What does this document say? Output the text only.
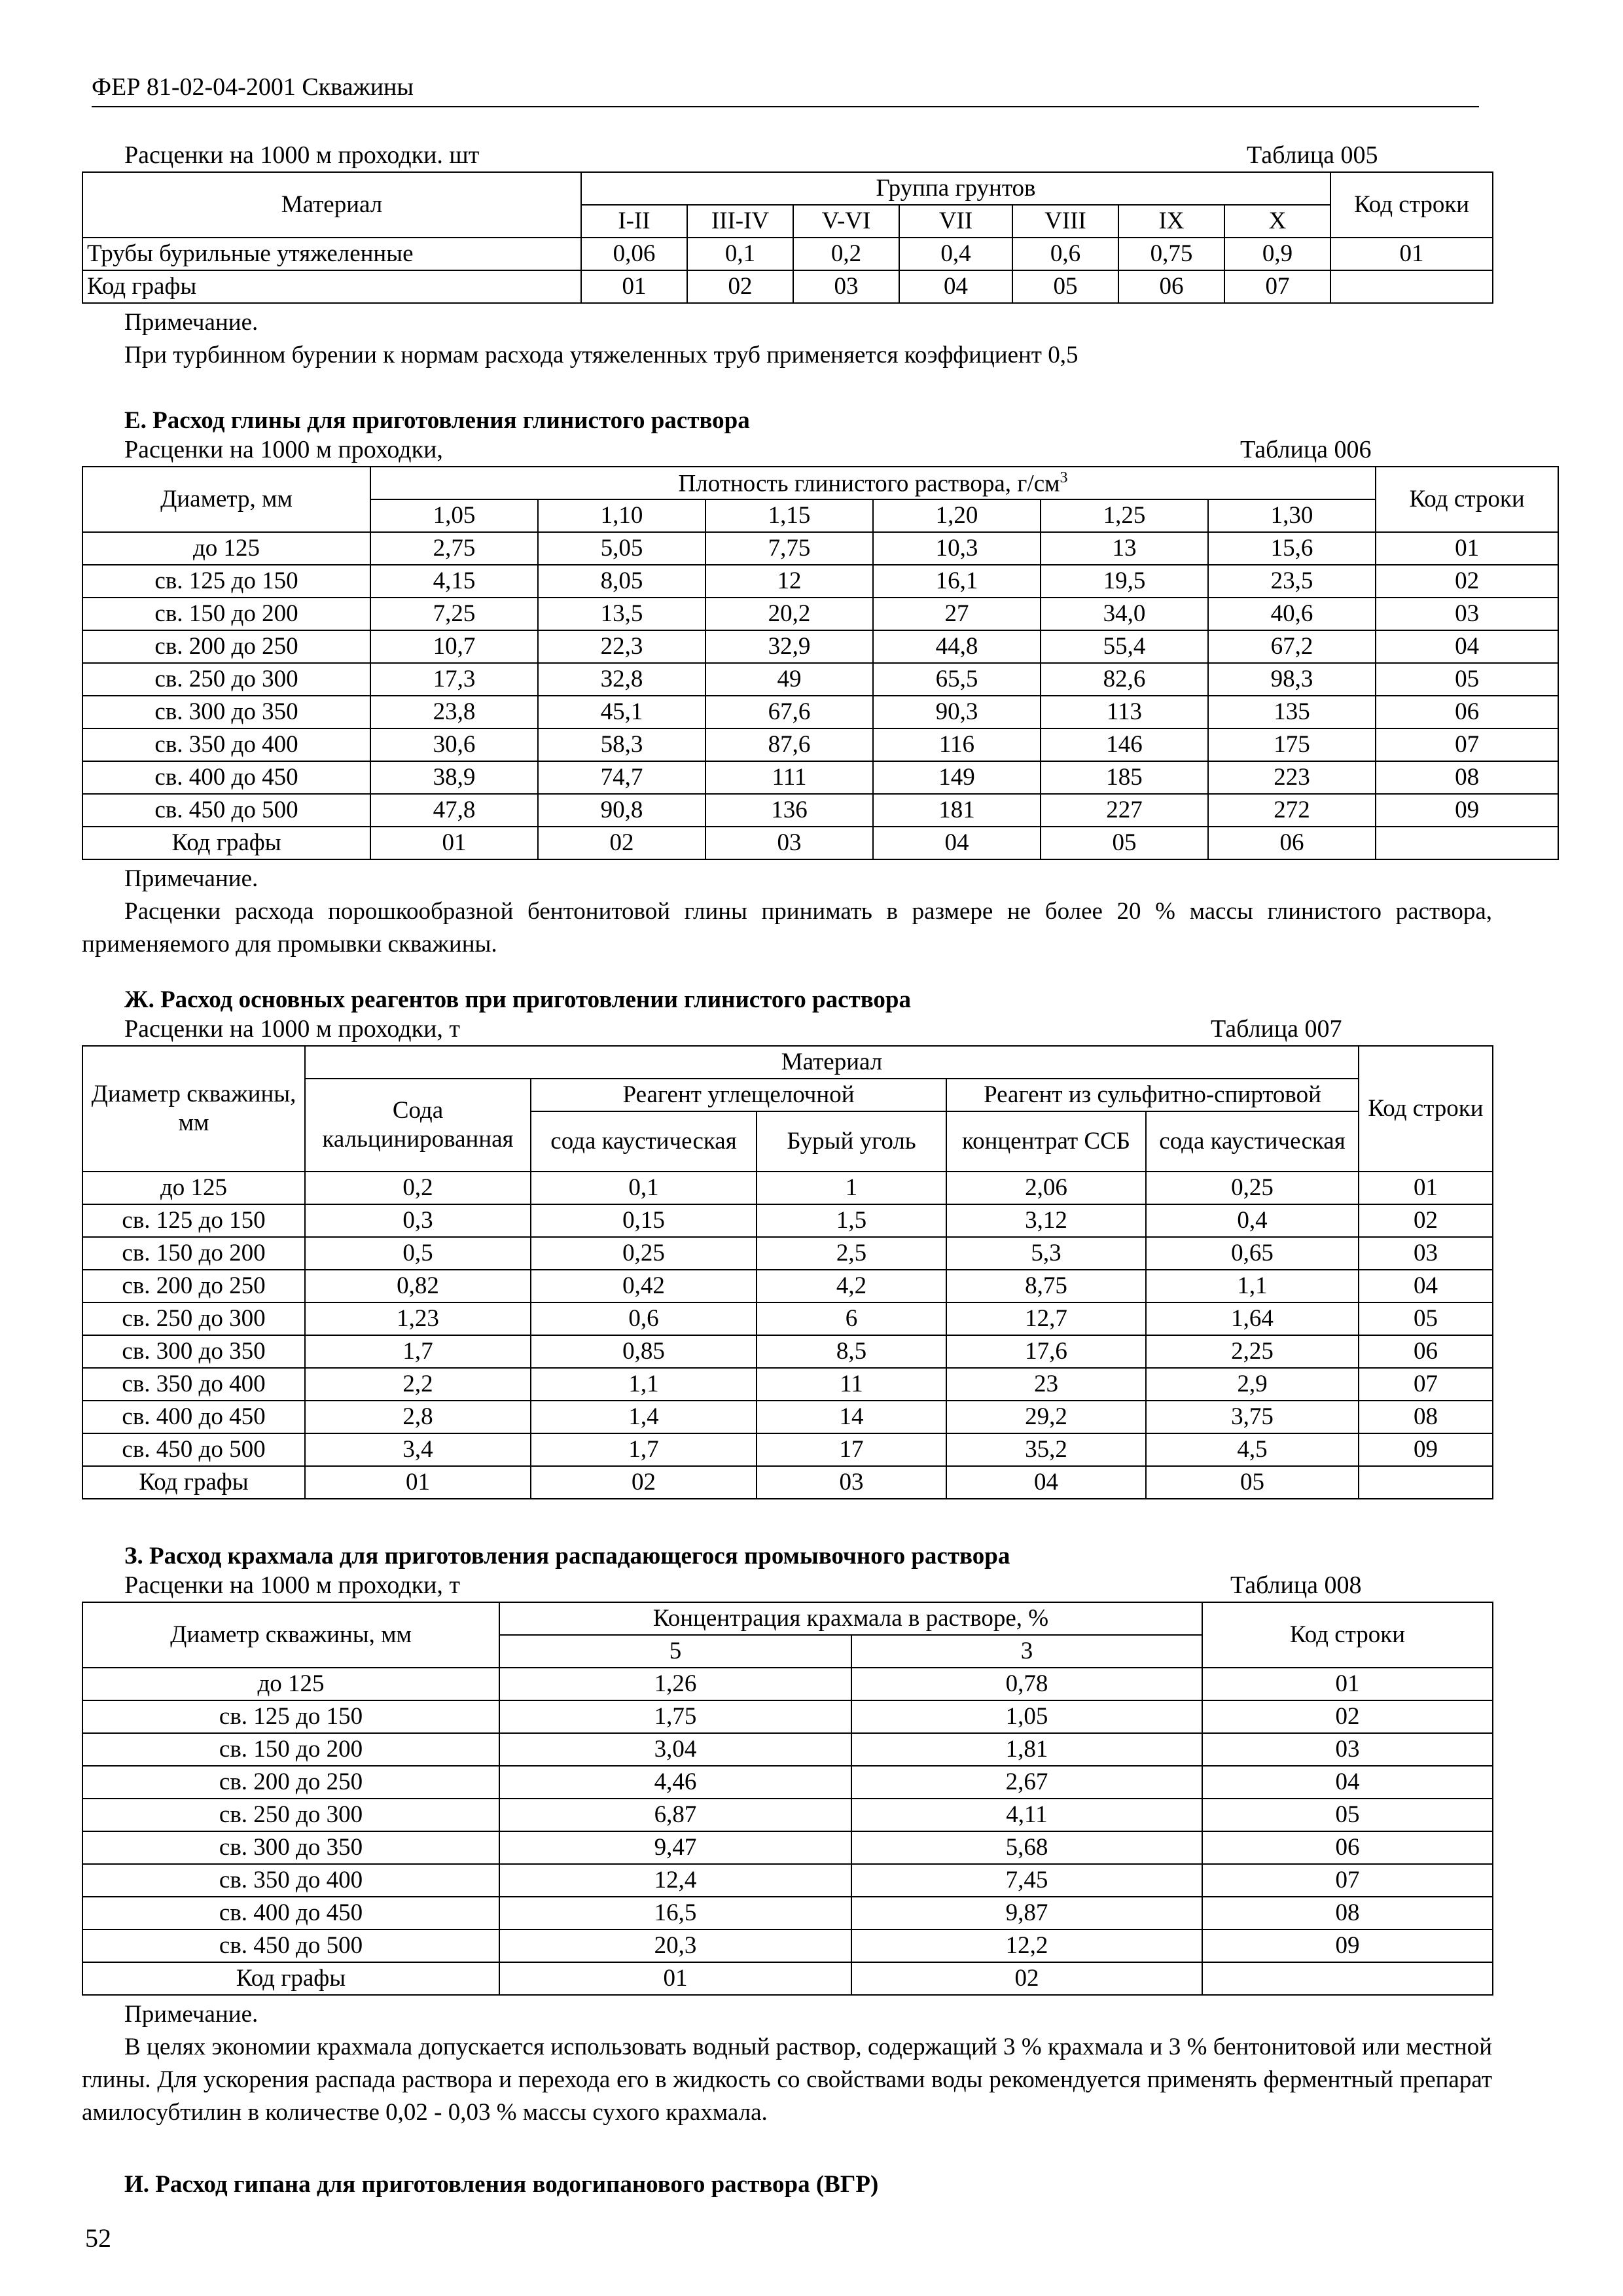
ФЕР 81-02-04-2001 Скважины
Расценки на 1000 м проходки. шт	Таблица 005
Материал	Группа грунтов							Код строки
	I-II	III-IV	V-VI	VII	VIII	IX	X	
Трубы бурильные утяжеленные	0,06	0,1	0,2	0,4	0,6	0,75	0,9	01
Код графы	01	02	03	04	05	06	07	
Примечание.
При турбинном бурении к нормам расхода утяжеленных труб применяется коэффициент 0,5
Е. Расход глины для приготовления глинистого раствора
Расценки на 1000 м проходки,	Таблица 006
Диаметр, мм	Плотность глинистого раствора, $г/см^3$						Код строки
	1,05	1,10	1,15	1,20	1,25	1,30	
до 125	2,75	5,05	7,75	10,3	13	15,6	01
св. 125 до 150	4,15	8,05	12	16,1	19,5	23,5	02
св. 150 до 200	7,25	13,5	20,2	27	34,0	40,6	03
св. 200 до 250	10,7	22,3	32,9	44,8	55,4	67,2	04
св. 250 до 300	17,3	32,8	49	65,5	82,6	98,3	05
св. 300 до 350	23,8	45,1	67,6	90,3	113	135	06
св. 350 до 400	30,6	58,3	87,6	116	146	175	07
св. 400 до 450	38,9	74,7	111	149	185	223	08
св. 450 до 500	47,8	90,8	136	181	227	272	09
Код графы	01	02	03	04	05	06	
Примечание.
Расценки расхода порошкообразной бентонитовой глины принимать в размере не более 20 % массы глинистого раствора, применяемого для промывки скважины.
Ж. Расход основных реагентов при приготовлении глинистого раствора
Расценки на 1000 м проходки, т	Таблица 007
Диаметр скважины, мм	Материал					Код строки
	Сода кальцинированная	Реагент углещелочной		Реагент из сульфитно-спиртовой		
		сода каустическая	Бурый уголь	концентрат ССБ	сода каустическая	
до 125	0,2	0,1	1	2,06	0,25	01
св. 125 до 150	0,3	0,15	1,5	3,12	0,4	02
св. 150 до 200	0,5	0,25	2,5	5,3	0,65	03
св. 200 до 250	0,82	0,42	4,2	8,75	1,1	04
св. 250 до 300	1,23	0,6	6	12,7	1,64	05
св. 300 до 350	1,7	0,85	8,5	17,6	2,25	06
св. 350 до 400	2,2	1,1	11	23	2,9	07
св. 400 до 450	2,8	1,4	14	29,2	3,75	08
св. 450 до 500	3,4	1,7	17	35,2	4,5	09
Код графы	01	02	03	04	05	
З. Расход крахмала для приготовления распадающегося промывочного раствора
Расценки на 1000 м проходки, т	Таблица 008
Диаметр скважины, мм	Концентрация крахмала в растворе, %		Код строки
	5	3	
до 125	1,26	0,78	01
св. 125 до 150	1,75	1,05	02
св. 150 до 200	3,04	1,81	03
св. 200 до 250	4,46	2,67	04
св. 250 до 300	6,87	4,11	05
св. 300 до 350	9,47	5,68	06
св. 350 до 400	12,4	7,45	07
св. 400 до 450	16,5	9,87	08
св. 450 до 500	20,3	12,2	09
Код графы	01	02	
Примечание.
В целях экономии крахмала допускается использовать водный раствор, содержащий 3 % крахмала и 3 % бентонитовой или местной глины. Для ускорения распада раствора и перехода его в жидкость со свойствами воды рекомендуется применять ферментный препарат амилосубтилин в количестве 0,02 - 0,03 % массы сухого крахмала.
И. Расход гипана для приготовления водогипанового раствора (ВГР)
52
